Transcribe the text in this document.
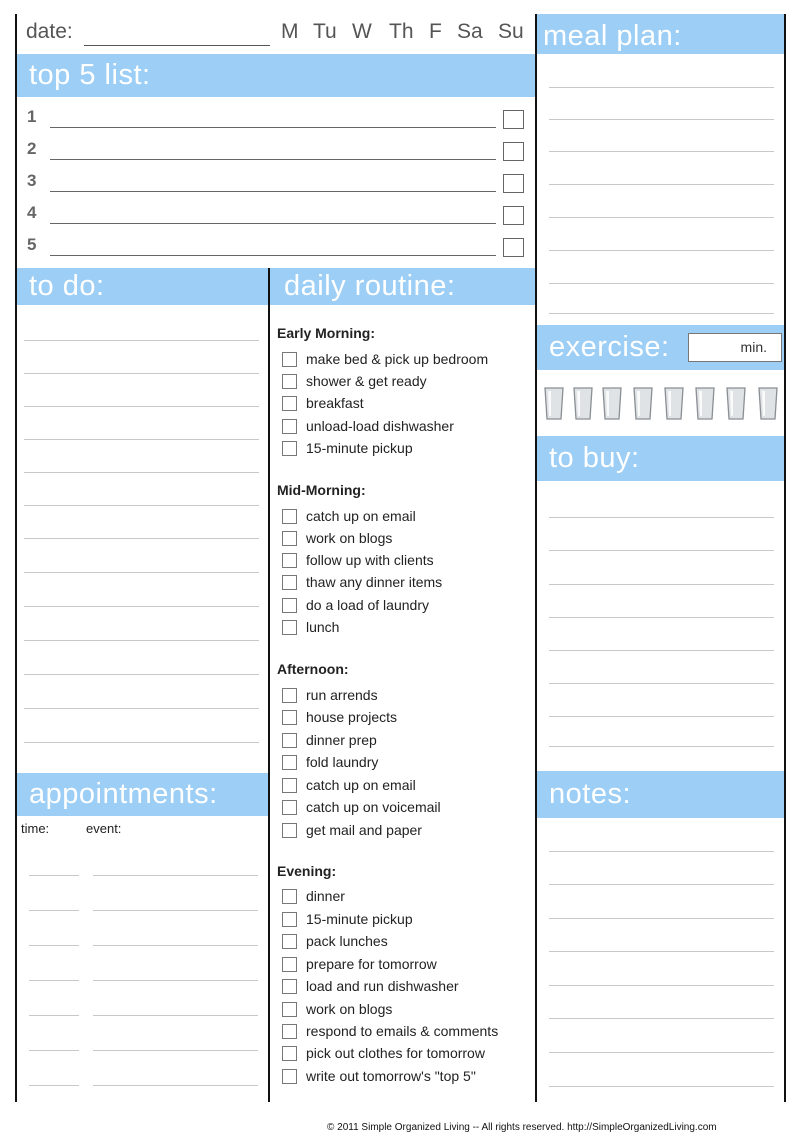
date:	M Tu W Th F Sa Su
top 5 list:
1
2
3
4
5
to do:
appointments:
time:	event:
daily routine:
Early Morning:
make bed & pick up bedroom
shower & get ready
breakfast
unload-load dishwasher
15-minute pickup
Mid-Morning:
catch up on email
work on blogs
follow up with clients
thaw any dinner items
do a load of laundry
lunch
Afternoon:
run arrends
house projects
dinner prep
fold laundry
catch up on email
catch up on voicemail
get mail and paper
Evening:
dinner
15-minute pickup
pack lunches
prepare for tomorrow
load and run dishwasher
work on blogs
respond to emails & comments
pick out clothes for tomorrow
write out tomorrow's "top 5"
meal plan:
exercise:	min.
to buy:
notes:
© 2011 Simple Organized Living -- All rights reserved. http://SimpleOrganizedLiving.com
